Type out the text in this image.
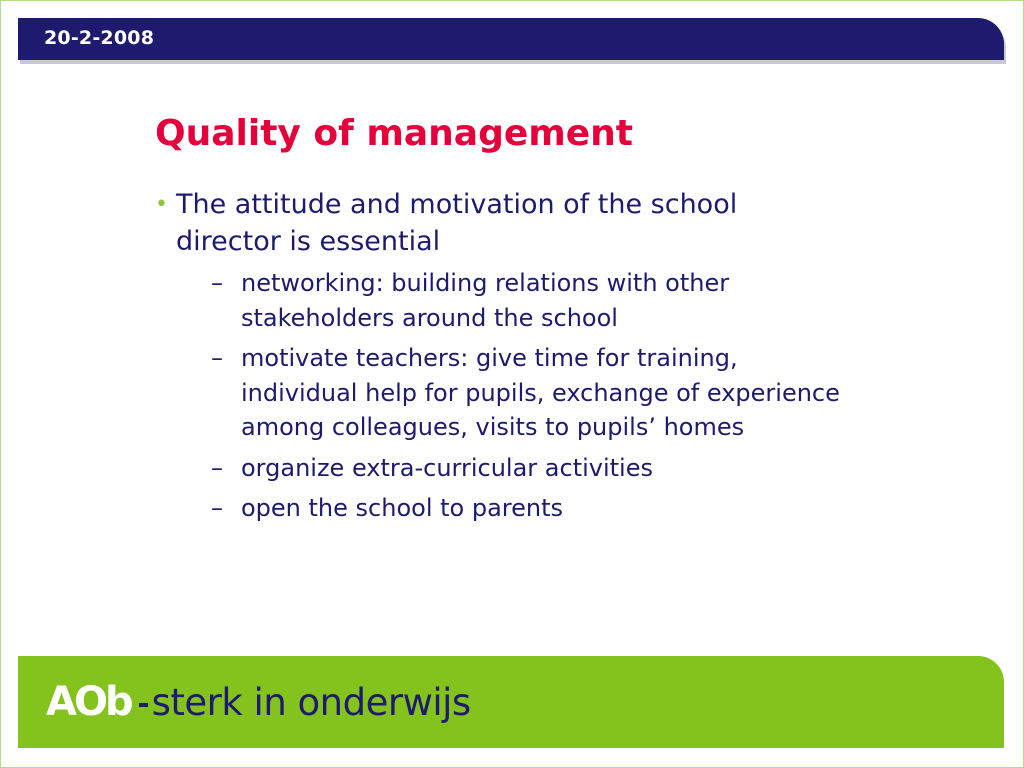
20-2-2008
Quality of management
• The attitude and motivation of the school director is essential
– networking: building relations with other stakeholders around the school
– motivate teachers: give time for training, individual help for pupils, exchange of experience among colleagues, visits to pupils’ homes
– organize extra-curricular activities
– open the school to parents
AOb sterk in onderwijs
